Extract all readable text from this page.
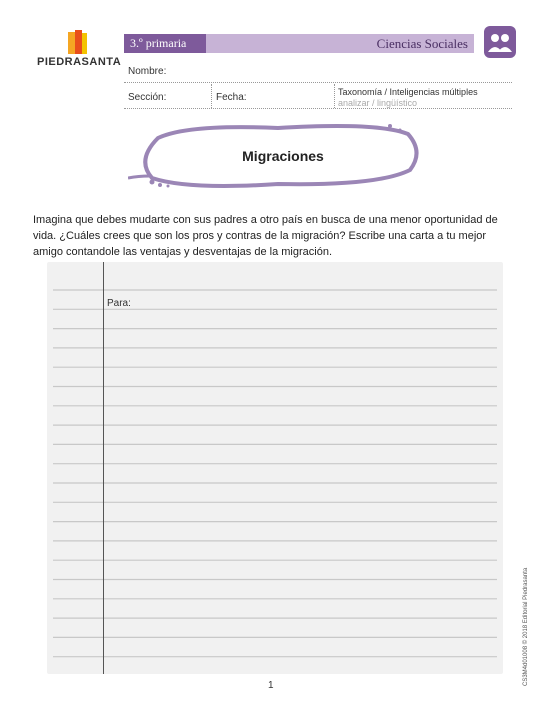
PIEDRASANTA
3.º primaria	Ciencias Sociales
Nombre:
Sección:	Fecha:	Taxonomía / Inteligencias múltiples
analizar / lingüístico
Migraciones
Imagina que debes mudarte con sus padres a otro país en busca de una menor oportunidad de vida. ¿Cuáles crees que son los pros y contras de la migración? Escribe una carta a tu mejor amigo contandole las ventajas y desventajas de la migración.
Para:
1	CS3M4d01008 © 2018 Editorial Piedrasanta
